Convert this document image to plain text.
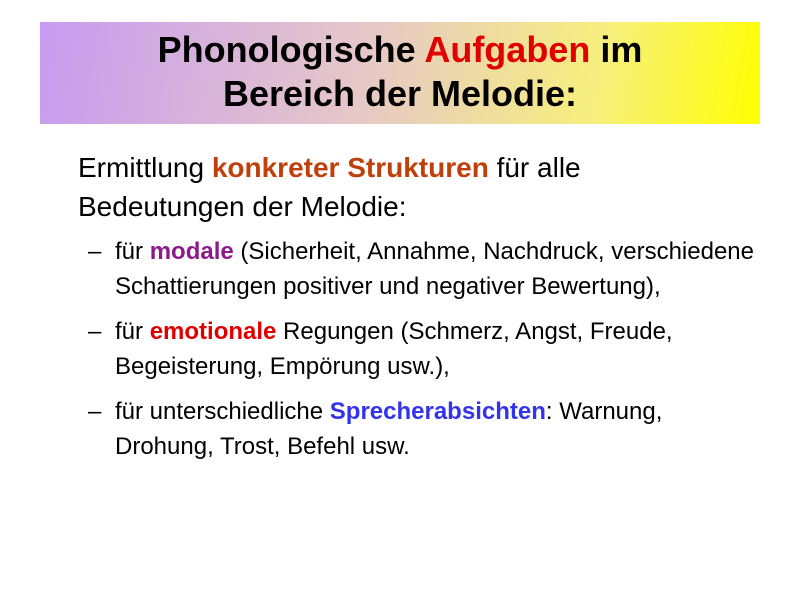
Phonologische Aufgaben im
Bereich der Melodie:

Ermittlung konkreter Strukturen für alle
Bedeutungen der Melodie:

– für modale (Sicherheit, Annahme, Nachdruck, verschiedene Schattierungen positiver und negativer Bewertung),
– für emotionale Regungen (Schmerz, Angst, Freude, Begeisterung, Empörung usw.),
– für unterschiedliche Sprecherabsichten: Warnung, Drohung, Trost, Befehl usw.
